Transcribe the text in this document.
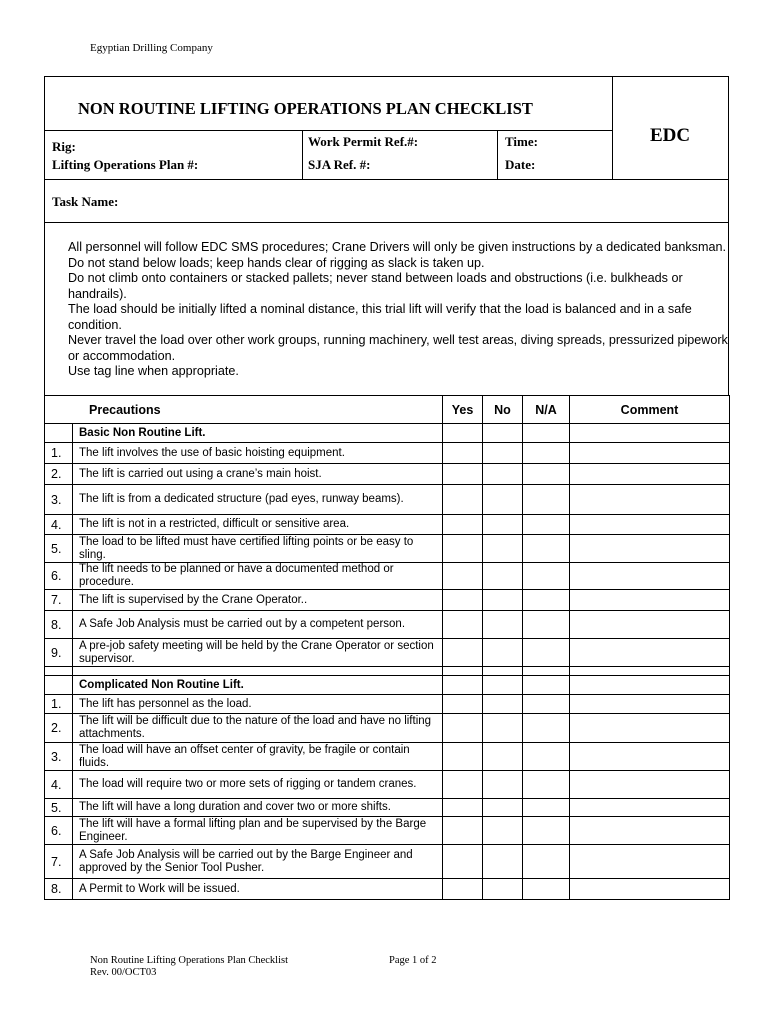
Egyptian Drilling Company
NON ROUTINE LIFTING OPERATIONS PLAN CHECKLIST
EDC
Rig:
Lifting Operations Plan #:
Work Permit Ref.#:
SJA Ref. #:
Time:
Date:
Task Name:

All personnel will follow EDC SMS procedures; Crane Drivers will only be given instructions by a dedicated banksman.

Do not stand below loads; keep hands clear of rigging as slack is taken up.

Do not climb onto containers or stacked pallets; never stand between loads and obstructions (i.e. bulkheads or handrails).

The load should be initially lifted a nominal distance, this trial lift will verify that the load is balanced and in a safe condition.

Never travel the load over other work groups, running machinery, well test areas, diving spreads, pressurized pipework or accommodation.

Use tag line when appropriate.

Precautions		Yes	No	N/A	Comment
	Basic Non Routine Lift.				
1.	The lift involves the use of basic hoisting equipment.				
2.	The lift is carried out using a crane’s main hoist.				
3.	The lift is from a dedicated structure (pad eyes, runway beams).				
4.	The lift is not in a restricted, difficult or sensitive area.				
5.	The load to be lifted must have certified lifting points or be easy to sling.				
6.	The lift needs to be planned or have a documented method or procedure.				
7.	The lift is supervised by the Crane Operator..				
8.	A Safe Job Analysis must be carried out by a competent person.				
9.	A pre-job safety meeting will be held by the Crane Operator or section supervisor.				

	Complicated Non Routine Lift.				
1.	The lift has personnel as the load.				
2.	The lift will be difficult due to the nature of the load and have no lifting attachments.				
3.	The load will have an offset center of gravity, be fragile or contain fluids.				
4.	The load will require two or more sets of rigging or tandem cranes.				
5.	The lift will have a long duration and cover two or more shifts.				
6.	The lift will have a formal lifting plan and be supervised by the Barge Engineer.				
7.	A Safe Job Analysis will be carried out by the Barge Engineer and approved by the Senior Tool Pusher.				
8.	A Permit to Work will be issued.				
Non Routine Lifting Operations Plan Checklist
Rev. 00/OCT03
Page 1 of 2
